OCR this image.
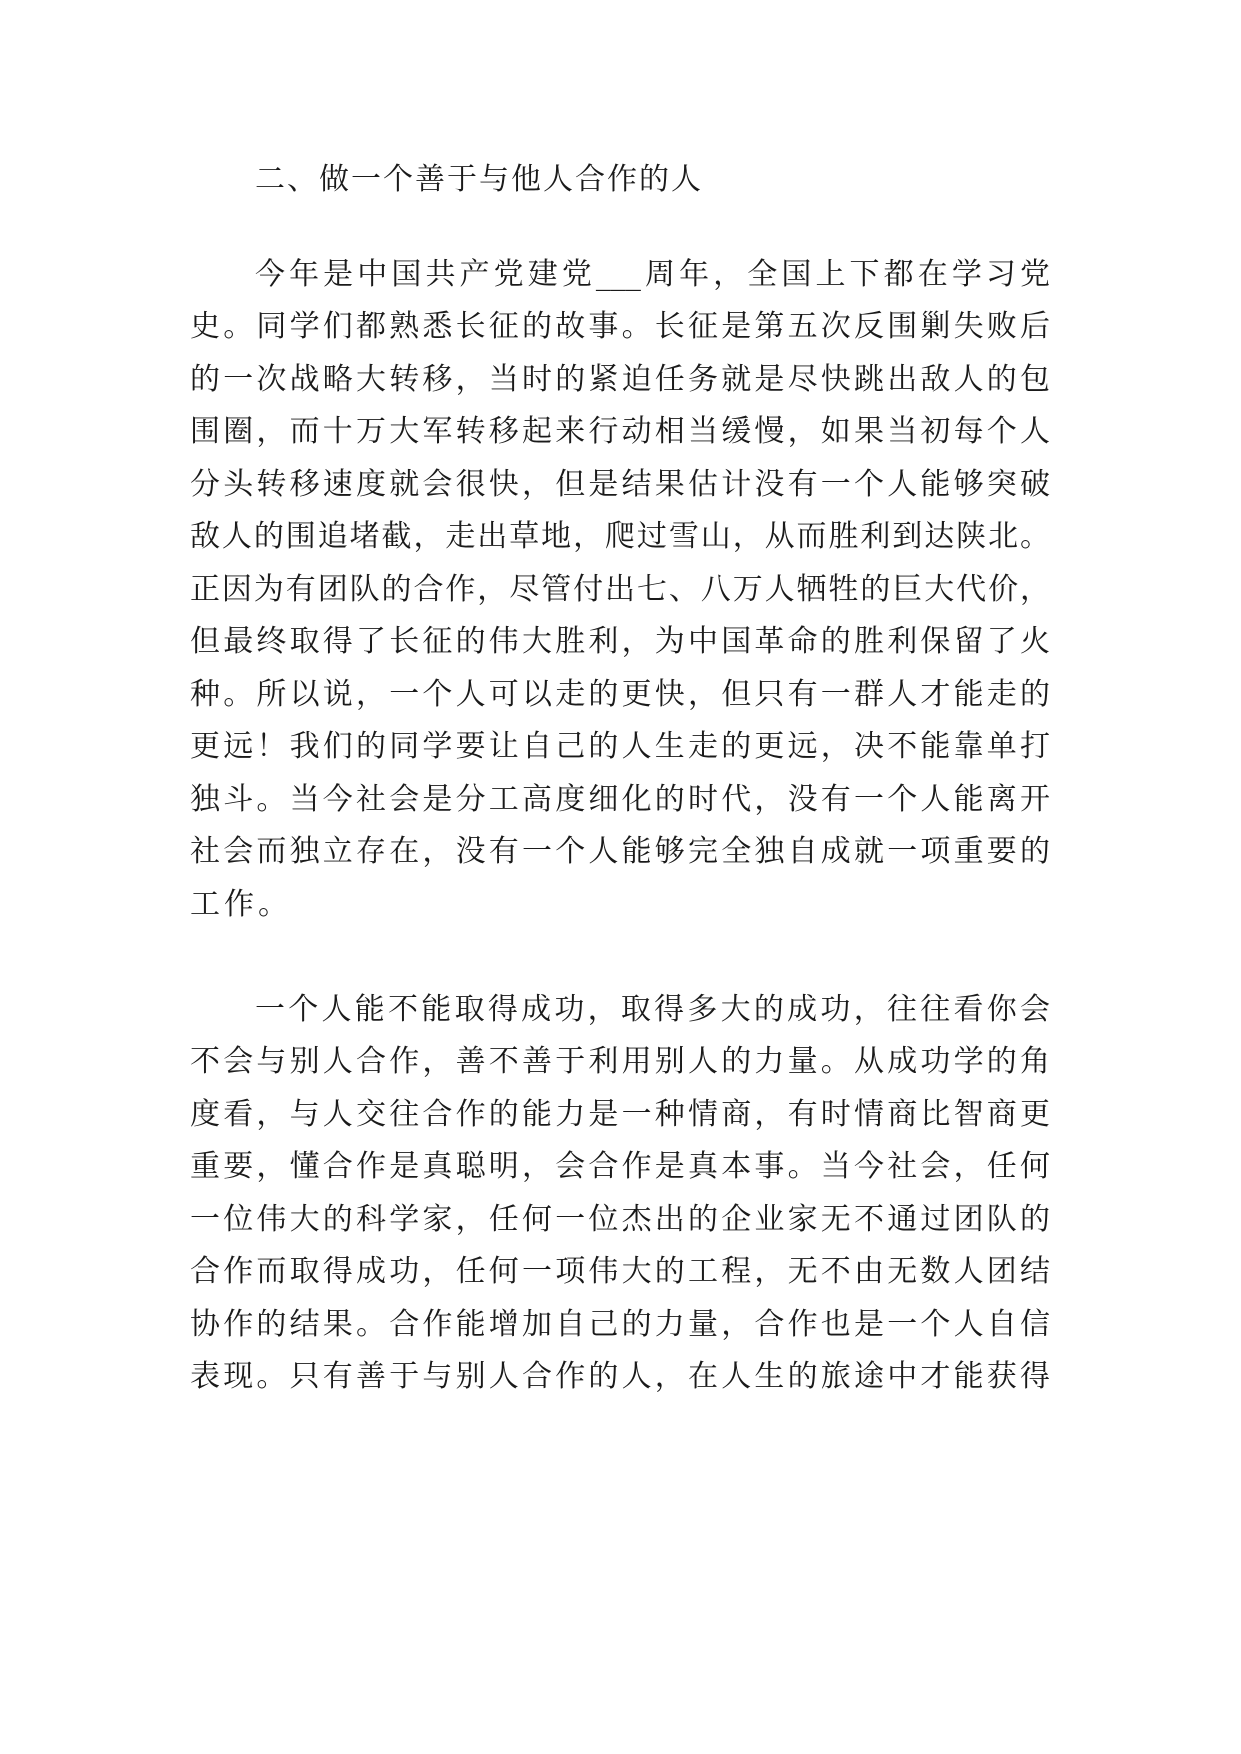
二、做一个善于与他人合作的人
今年是中国共产党建党___周年，全国上下都在学习党
史。同学们都熟悉长征的故事。长征是第五次反围剿失败后
的一次战略大转移，当时的紧迫任务就是尽快跳出敌人的包
围圈，而十万大军转移起来行动相当缓慢，如果当初每个人
分头转移速度就会很快，但是结果估计没有一个人能够突破
敌人的围追堵截，走出草地，爬过雪山，从而胜利到达陕北。
正因为有团队的合作，尽管付出七、八万人牺牲的巨大代价，
但最终取得了长征的伟大胜利，为中国革命的胜利保留了火
种。所以说，一个人可以走的更快，但只有一群人才能走的
更远！我们的同学要让自己的人生走的更远，决不能靠单打
独斗。当今社会是分工高度细化的时代，没有一个人能离开
社会而独立存在，没有一个人能够完全独自成就一项重要的
工作。
一个人能不能取得成功，取得多大的成功，往往看你会
不会与别人合作，善不善于利用别人的力量。从成功学的角
度看，与人交往合作的能力是一种情商，有时情商比智商更
重要，懂合作是真聪明，会合作是真本事。当今社会，任何
一位伟大的科学家，任何一位杰出的企业家无不通过团队的
合作而取得成功，任何一项伟大的工程，无不由无数人团结
协作的结果。合作能增加自己的力量，合作也是一个人自信
表现。只有善于与别人合作的人，在人生的旅途中才能获得
